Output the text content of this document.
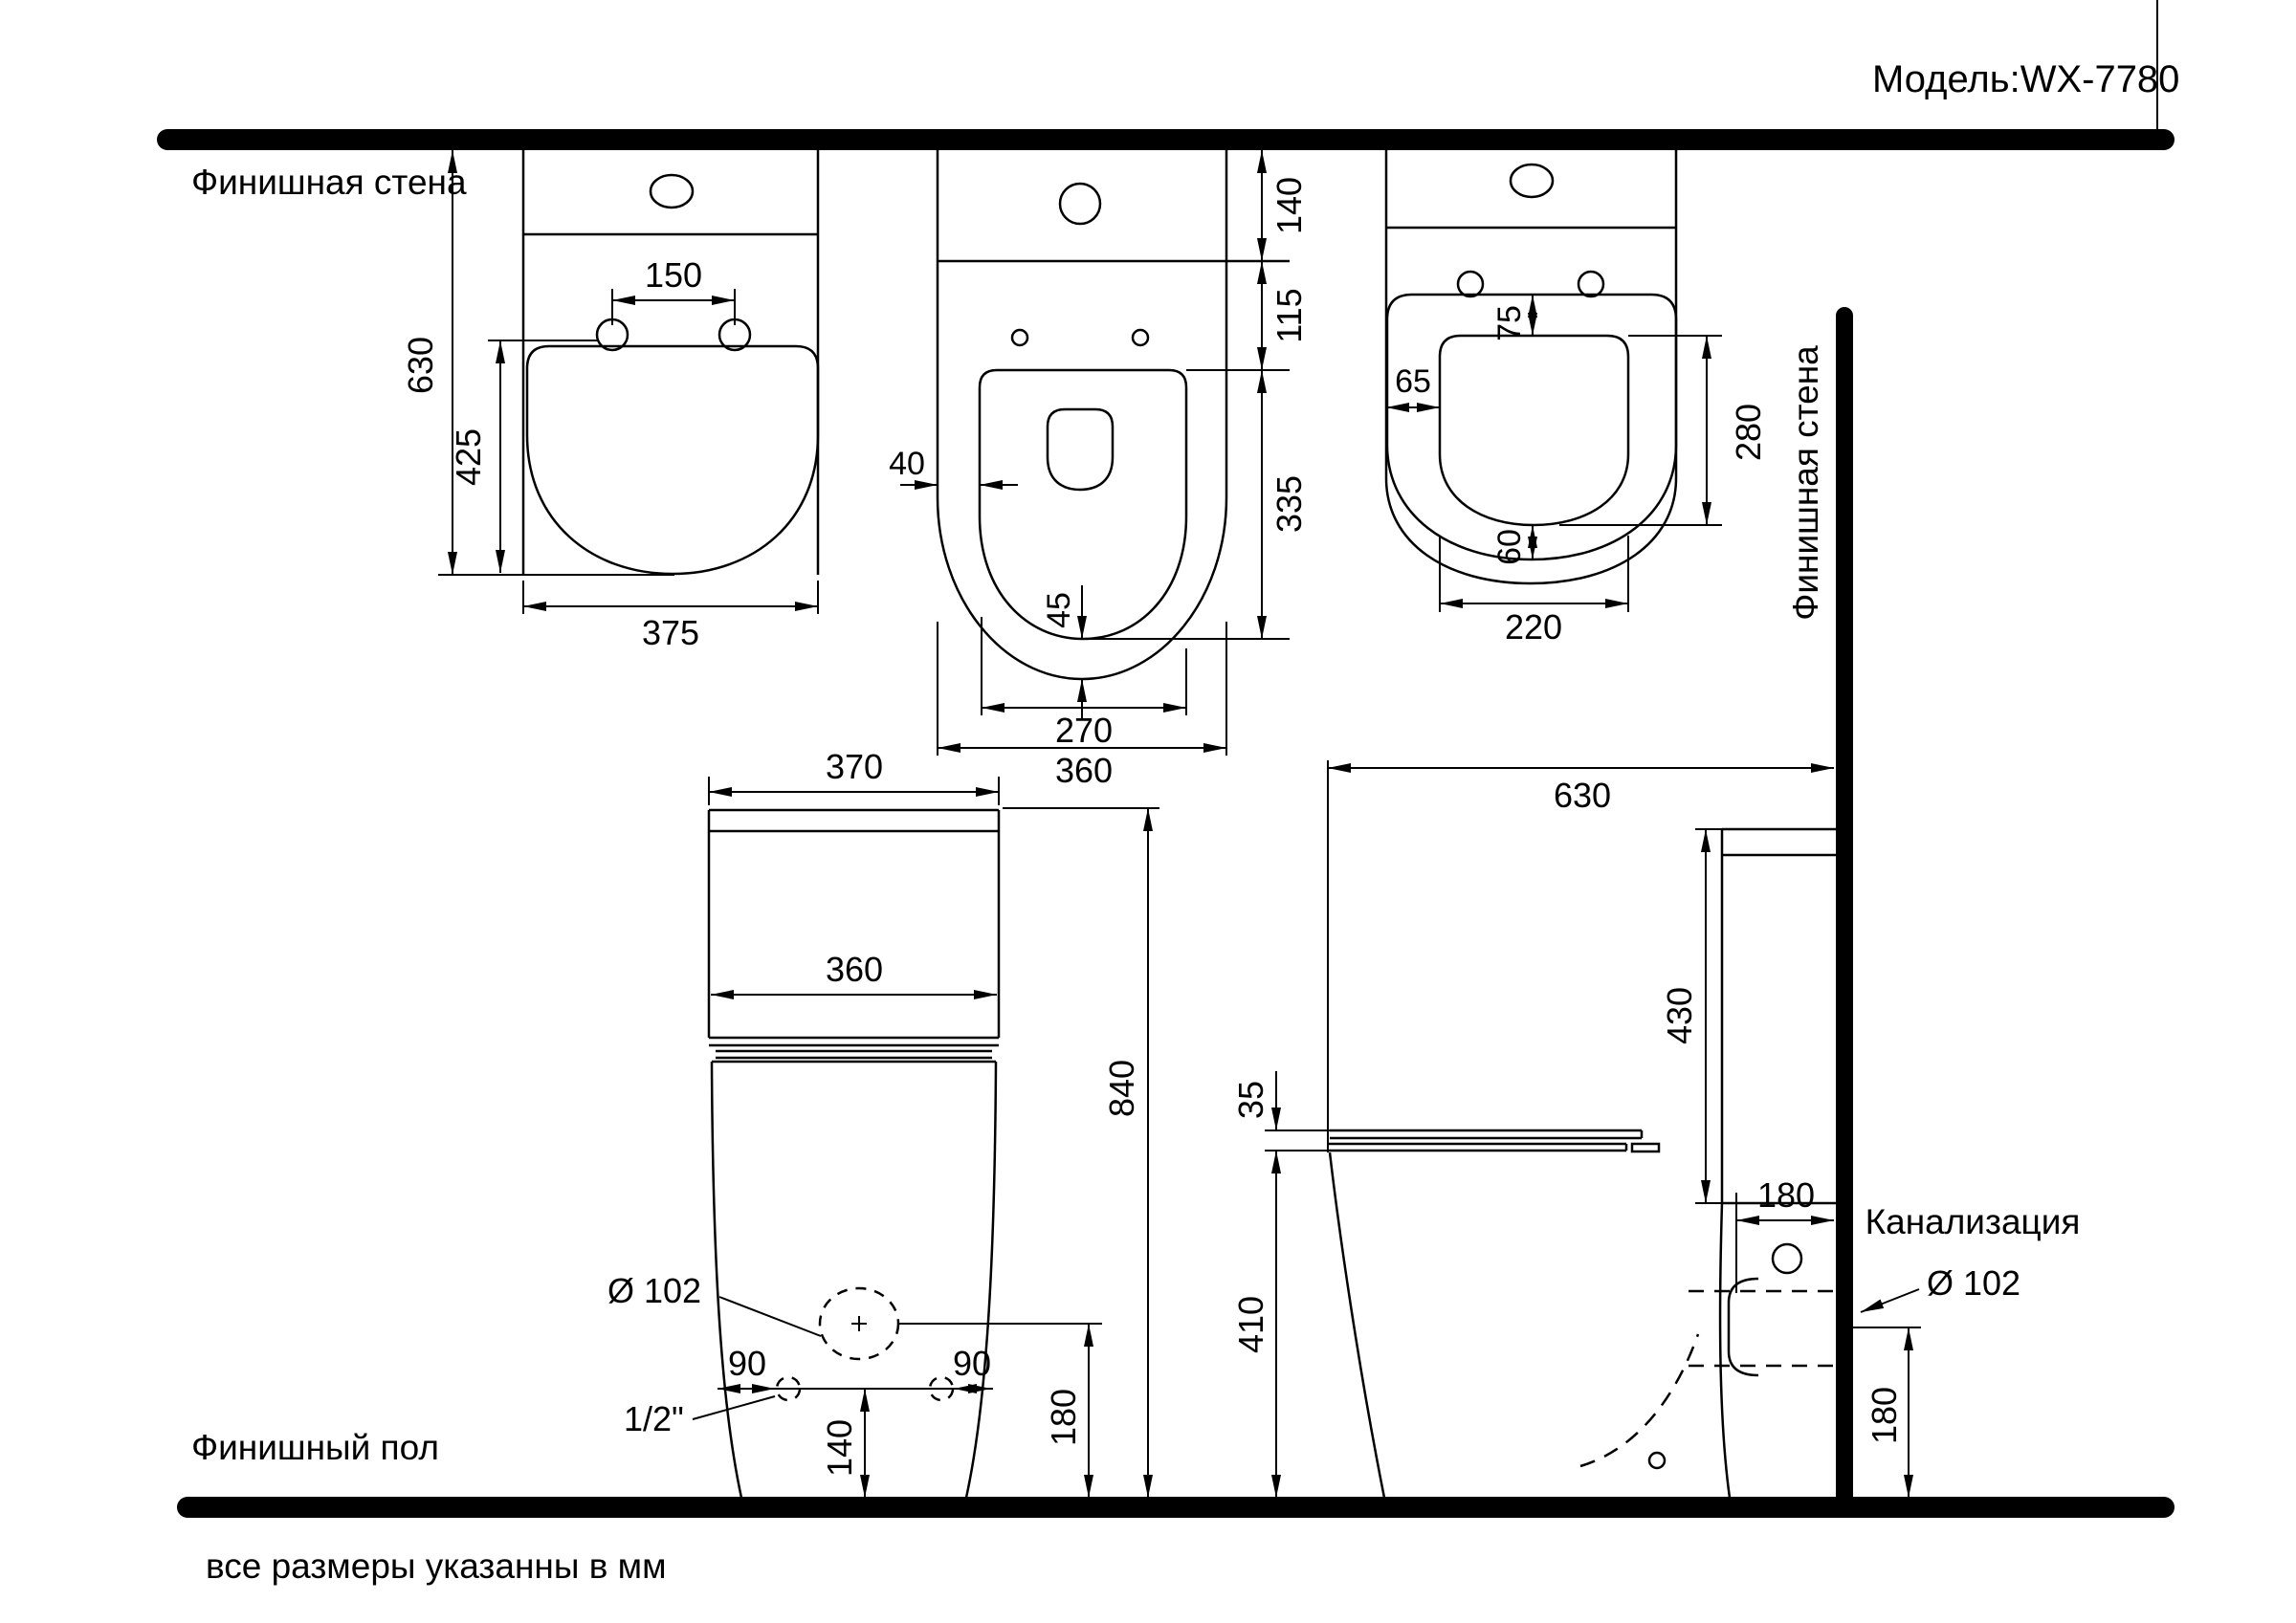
Модель:WX-7780
Финишная стена
Финишная стена
Финишный пол
все размеры указанны в мм
630
425
150
375
40
45
140
115
335
270
360
75
65
280
60
220
370
360
Ø 102
90	90
1/2"
140
180
840
630
430
35
410
180
Канализация
Ø 102
180
